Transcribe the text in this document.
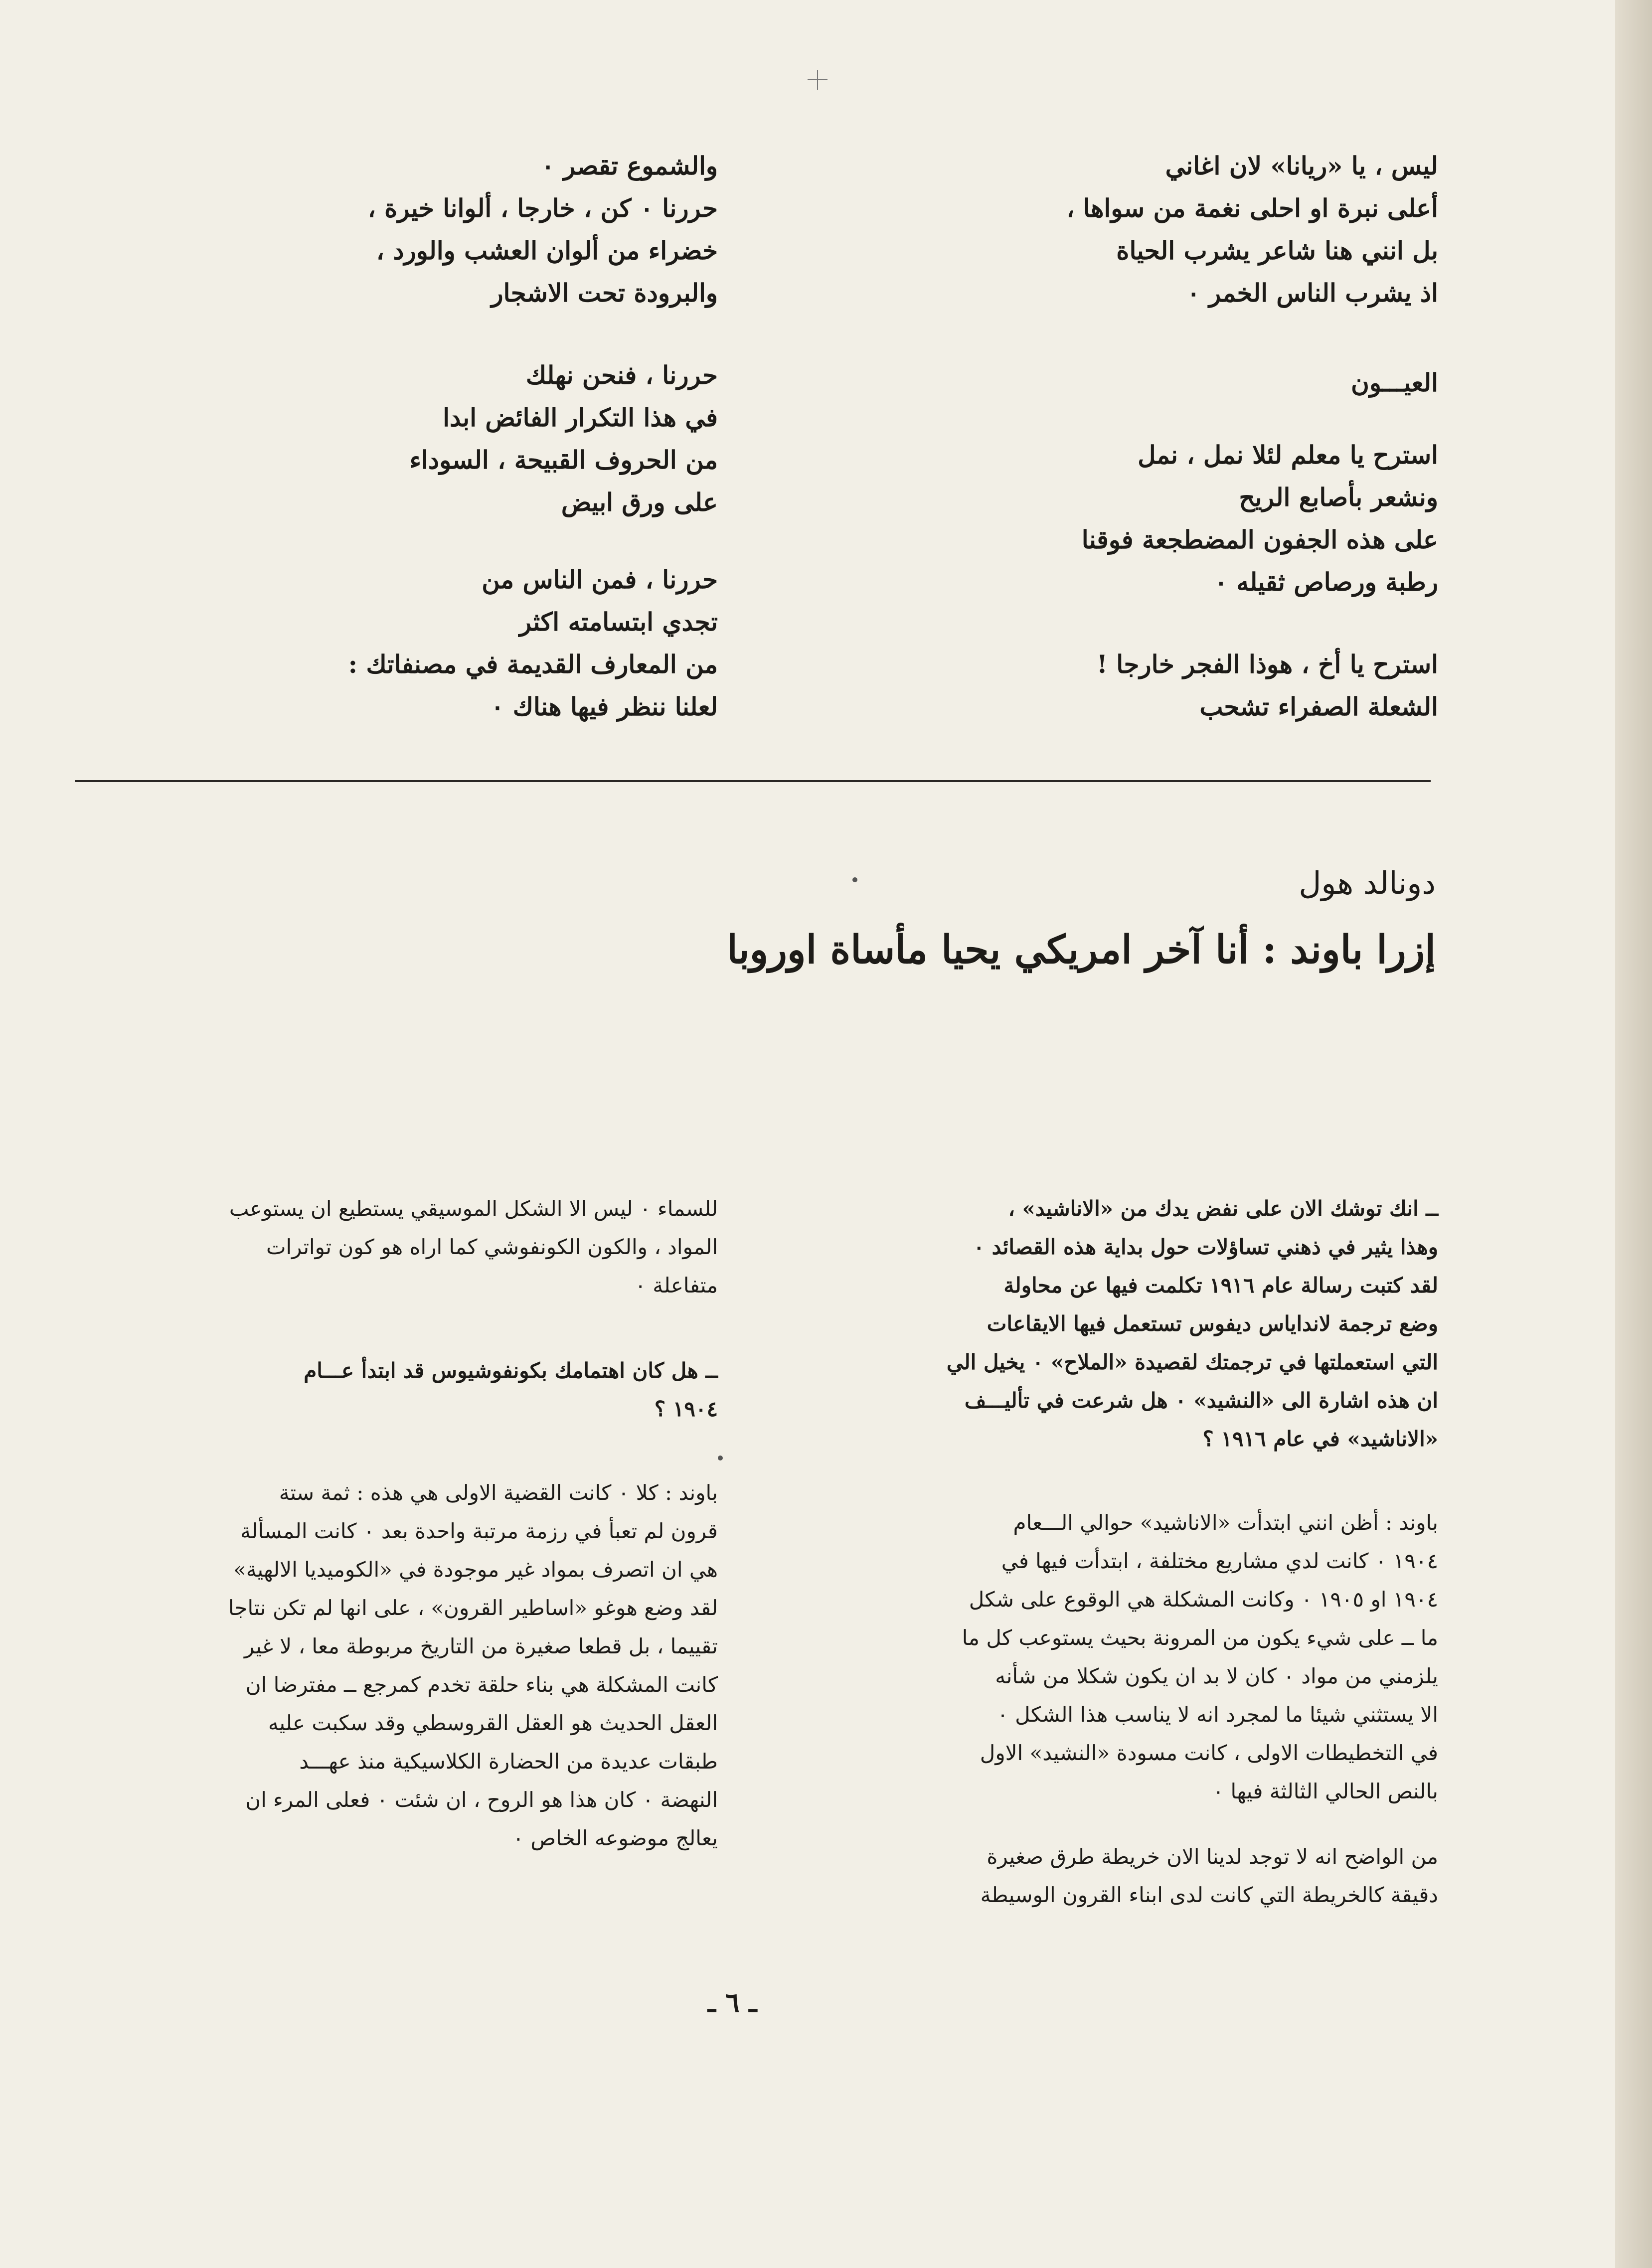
ليس ، يا «ريانا» لان اغاني
أعلى نبرة او احلى نغمة من سواها ،
بل انني هنا شاعر يشرب الحياة
اذ يشرب الناس الخمر ٠
العيـــون
استرح يا معلم لئلا نمل ، نمل
ونشعر بأصابع الريح
على هذه الجفون المضطجعة فوقنا
رطبة ورصاص ثقيله ٠
استرح يا أخ ، هوذا الفجر خارجا !
الشعلة الصفراء تشحب
والشموع تقصر ٠
حررنا ٠ كن ، خارجا ، ألوانا خيرة ،
خضراء من ألوان العشب والورد ،
والبرودة تحت الاشجار
حررنا ، فنحن نهلك
في هذا التكرار الفائض ابدا
من الحروف القبيحة ، السوداء
على ورق ابيض
حررنا ، فمن الناس من
تجدي ابتسامته اكثر
من المعارف القديمة في مصنفاتك :
لعلنا ننظر فيها هناك ٠
دونالد هول
إزرا باوند : أنا آخر امريكي يحيا مأساة اوروبا
ــ انك توشك الان على نفض يدك من «الاناشيد» ،
وهذا يثير في ذهني تساؤلات حول بداية هذه القصائد ٠
لقد كتبت رسالة عام ١٩١٦ تكلمت فيها عن محاولة
وضع ترجمة لانداياس ديفوس تستعمل فيها الايقاعات
التي استعملتها في ترجمتك لقصيدة «الملاح» ٠ يخيل الي
ان هذه اشارة الى «النشيد» ٠ هل شرعت في تأليـــف
«الاناشيد» في عام ١٩١٦ ؟
باوند : أظن انني ابتدأت «الاناشيد» حوالي الـــعام
١٩٠٤ ٠ كانت لدي مشاريع مختلفة ، ابتدأت فيها في
١٩٠٤ او ١٩٠٥ ٠ وكانت المشكلة هي الوقوع على شكل
ما ــ على شيء يكون من المرونة بحيث يستوعب كل ما
يلزمني من مواد ٠ كان لا بد ان يكون شكلا من شأنه
الا يستثني شيئا ما لمجرد انه لا يناسب هذا الشكل ٠
في التخطيطات الاولى ، كانت مسودة «النشيد» الاول
بالنص الحالي الثالثة فيها ٠
من الواضح انه لا توجد لدينا الان خريطة طرق صغيرة
دقيقة كالخريطة التي كانت لدى ابناء القرون الوسيطة
للسماء ٠ ليس الا الشكل الموسيقي يستطيع ان يستوعب
المواد ، والكون الكونفوشي كما اراه هو كون تواترات
متفاعلة ٠
ــ هل كان اهتمامك بكونفوشيوس قد ابتدأ عـــام
١٩٠٤ ؟
باوند : كلا ٠ كانت القضية الاولى هي هذه : ثمة ستة
قرون لم تعبأ في رزمة مرتبة واحدة بعد ٠ كانت المسألة
هي ان اتصرف بمواد غير موجودة في «الكوميديا الالهية»
لقد وضع هوغو «اساطير القرون» ، على انها لم تكن نتاجا
تقييما ، بل قطعا صغيرة من التاريخ مربوطة معا ، لا غير
كانت المشكلة هي بناء حلقة تخدم كمرجع ــ مفترضا ان
العقل الحديث هو العقل القروسطي وقد سكبت عليه
طبقات عديدة من الحضارة الكلاسيكية منذ عهـــد
النهضة ٠ كان هذا هو الروح ، ان شئت ٠ فعلى المرء ان
يعالج موضوعه الخاص ٠
ـ ٦ ـ
